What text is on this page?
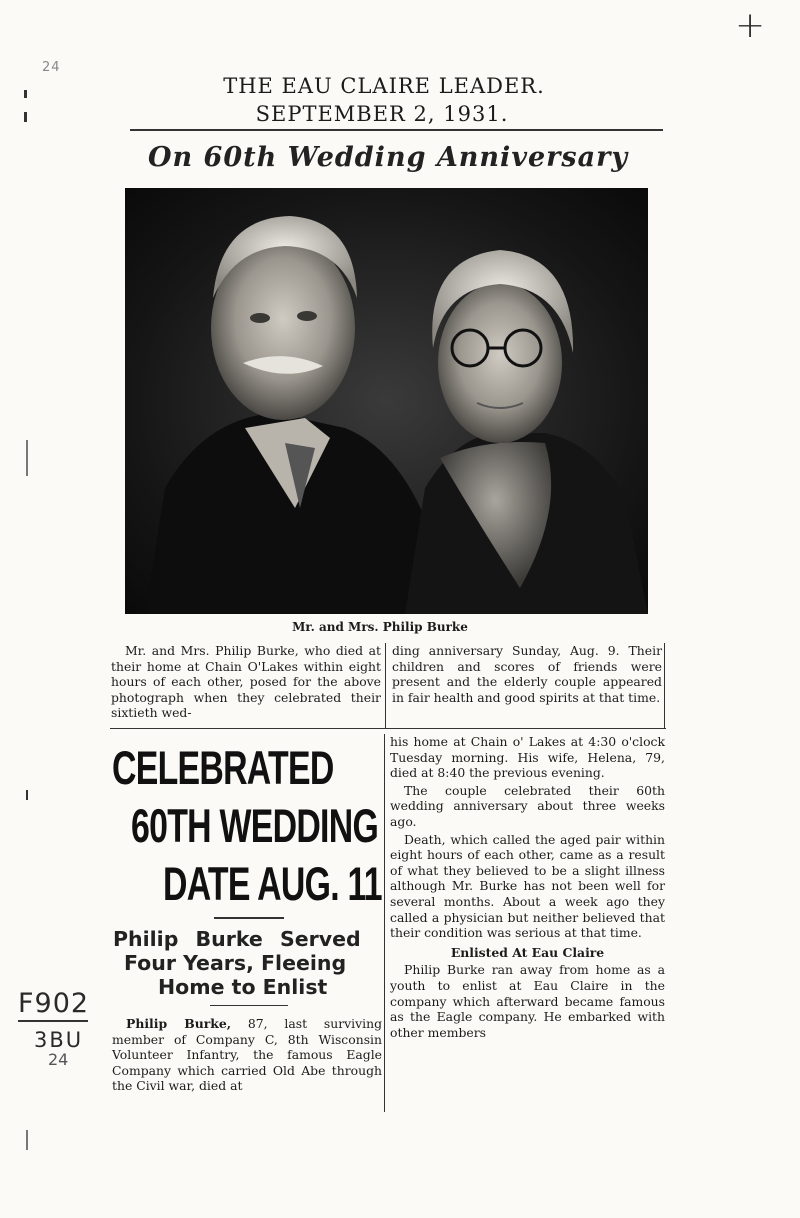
+
24
F902
3BU
24
THE EAU CLAIRE LEADER.
SEPTEMBER 2, 1931.
On 60th Wedding Anniversary
Mr. and Mrs. Philip Burke
Mr. and Mrs. Philip Burke, who died at their home at Chain O'Lakes within eight hours of each other, posed for the above photograph when they celebrated their sixtieth wed-
ding anniversary Sunday, Aug. 9. Their children and scores of friends were present and the elderly couple appeared in fair health and good spirits at that time.
CELEBRATED
60TH WEDDING
DATE AUG. 11
Philip Burke Served
Four Years, Fleeing
Home to Enlist
Philip Burke, 87, last surviving member of Company C, 8th Wisconsin Volunteer Infantry, the famous Eagle Company which carried Old Abe through the Civil war, died at

his home at Chain o' Lakes at 4:30 o'clock Tuesday morning. His wife, Helena, 79, died at 8:40 the previous evening.

The couple celebrated their 60th wedding anniversary about three weeks ago.

Death, which called the aged pair within eight hours of each other, came as a result of what they believed to be a slight illness although Mr. Burke has not been well for several months. About a week ago they called a physician but neither believed that their condition was serious at that time.

Enlisted At Eau Claire

Philip Burke ran away from home as a youth to enlist at Eau Claire in the company which afterward became famous as the Eagle company. He embarked with other members
